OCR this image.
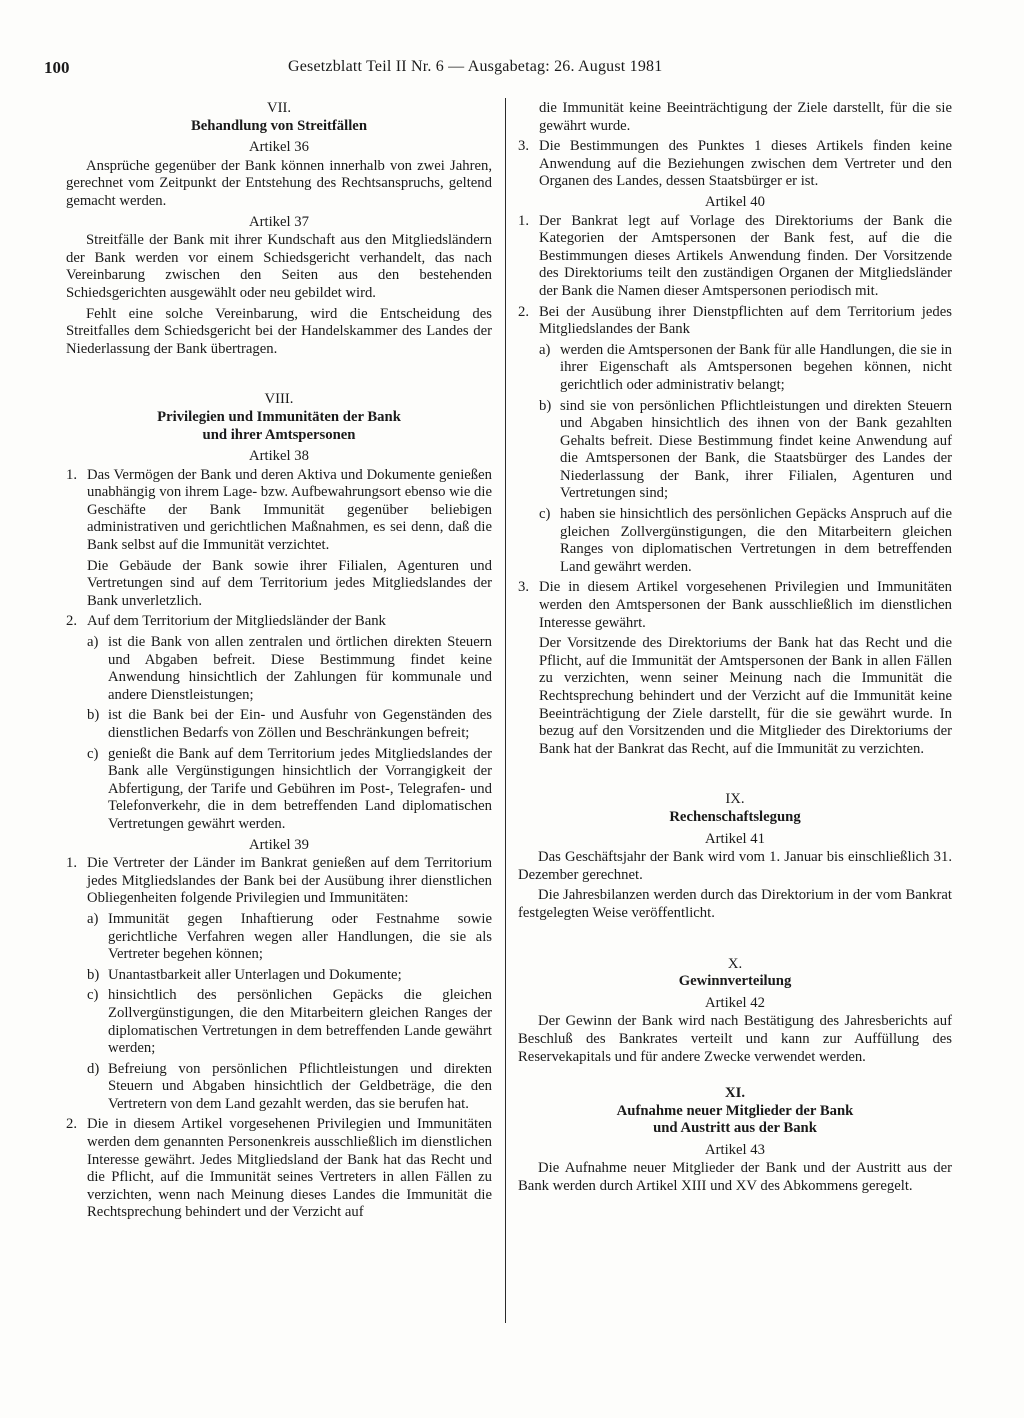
100	Gesetzblatt Teil II Nr. 6 — Ausgabetag: 26. August 1981
VII.
Behandlung von Streitfällen
Artikel 36

Ansprüche gegenüber der Bank können innerhalb von zwei Jahren, gerechnet vom Zeitpunkt der Entstehung des Rechtsanspruchs, geltend gemacht werden.

Artikel 37

Streitfälle der Bank mit ihrer Kundschaft aus den Mitgliedsländern der Bank werden vor einem Schiedsgericht verhandelt, das nach Vereinbarung zwischen den Seiten aus den bestehenden Schiedsgerichten ausgewählt oder neu gebildet wird.

Fehlt eine solche Vereinbarung, wird die Entscheidung des Streitfalles dem Schiedsgericht bei der Handelskammer des Landes der Niederlassung der Bank übertragen.

VIII.
Privilegien und Immunitäten der Bank
und ihrer Amtspersonen
Artikel 38
1. Das Vermögen der Bank und deren Aktiva und Dokumente genießen unabhängig von ihrem Lage- bzw. Aufbewahrungsort ebenso wie die Geschäfte der Bank Immunität gegenüber beliebigen administrativen und gerichtlichen Maßnahmen, es sei denn, daß die Bank selbst auf die Immunität verzichtet.

Die Gebäude der Bank sowie ihrer Filialen, Agenturen und Vertretungen sind auf dem Territorium jedes Mitgliedslandes der Bank unverletzlich.

2. Auf dem Territorium der Mitgliedsländer der Bank
a) ist die Bank von allen zentralen und örtlichen direkten Steuern und Abgaben befreit. Diese Bestimmung findet keine Anwendung hinsichtlich der Zahlungen für kommunale und andere Dienstleistungen;
b) ist die Bank bei der Ein- und Ausfuhr von Gegenständen des dienstlichen Bedarfs von Zöllen und Beschränkungen befreit;
c) genießt die Bank auf dem Territorium jedes Mitgliedslandes der Bank alle Vergünstigungen hinsichtlich der Vorrangigkeit der Abfertigung, der Tarife und Gebühren im Post-, Telegrafen- und Telefonverkehr, die in dem betreffenden Land diplomatischen Vertretungen gewährt werden.
Artikel 39
1. Die Vertreter der Länder im Bankrat genießen auf dem Territorium jedes Mitgliedslandes der Bank bei der Ausübung ihrer dienstlichen Obliegenheiten folgende Privilegien und Immunitäten:
a) Immunität gegen Inhaftierung oder Festnahme sowie gerichtliche Verfahren wegen aller Handlungen, die sie als Vertreter begehen können;
b) Unantastbarkeit aller Unterlagen und Dokumente;
c) hinsichtlich des persönlichen Gepäcks die gleichen Zollvergünstigungen, die den Mitarbeitern gleichen Ranges der diplomatischen Vertretungen in dem betreffenden Lande gewährt werden;
d) Befreiung von persönlichen Pflichtleistungen und direkten Steuern und Abgaben hinsichtlich der Geldbeträge, die den Vertretern von dem Land gezahlt werden, das sie berufen hat.
2. Die in diesem Artikel vorgesehenen Privilegien und Immunitäten werden dem genannten Personenkreis ausschließlich im dienstlichen Interesse gewährt. Jedes Mitgliedsland der Bank hat das Recht und die Pflicht, auf die Immunität seines Vertreters in allen Fällen zu verzichten, wenn nach Meinung dieses Landes die Immunität die Rechtsprechung behindert und der Verzicht auf

die Immunität keine Beeinträchtigung der Ziele darstellt, für die sie gewährt wurde.

3. Die Bestimmungen des Punktes 1 dieses Artikels finden keine Anwendung auf die Beziehungen zwischen dem Vertreter und den Organen des Landes, dessen Staatsbürger er ist.
Artikel 40
1. Der Bankrat legt auf Vorlage des Direktoriums der Bank die Kategorien der Amtspersonen der Bank fest, auf die die Bestimmungen dieses Artikels Anwendung finden. Der Vorsitzende des Direktoriums teilt den zuständigen Organen der Mitgliedsländer der Bank die Namen dieser Amtspersonen periodisch mit.
2. Bei der Ausübung ihrer Dienstpflichten auf dem Territorium jedes Mitgliedslandes der Bank
a) werden die Amtspersonen der Bank für alle Handlungen, die sie in ihrer Eigenschaft als Amtspersonen begehen können, nicht gerichtlich oder administrativ belangt;
b) sind sie von persönlichen Pflichtleistungen und direkten Steuern und Abgaben hinsichtlich des ihnen von der Bank gezahlten Gehalts befreit. Diese Bestimmung findet keine Anwendung auf die Amtspersonen der Bank, die Staatsbürger des Landes der Niederlassung der Bank, ihrer Filialen, Agenturen und Vertretungen sind;
c) haben sie hinsichtlich des persönlichen Gepäcks Anspruch auf die gleichen Zollvergünstigungen, die den Mitarbeitern gleichen Ranges von diplomatischen Vertretungen in dem betreffenden Land gewährt werden.
3. Die in diesem Artikel vorgesehenen Privilegien und Immunitäten werden den Amtspersonen der Bank ausschließlich im dienstlichen Interesse gewährt.

Der Vorsitzende des Direktoriums der Bank hat das Recht und die Pflicht, auf die Immunität der Amtspersonen der Bank in allen Fällen zu verzichten, wenn seiner Meinung nach die Immunität die Rechtsprechung behindert und der Verzicht auf die Immunität keine Beeinträchtigung der Ziele darstellt, für die sie gewährt wurde. In bezug auf den Vorsitzenden und die Mitglieder des Direktoriums der Bank hat der Bankrat das Recht, auf die Immunität zu verzichten.

IX.
Rechenschaftslegung
Artikel 41

Das Geschäftsjahr der Bank wird vom 1. Januar bis einschließlich 31. Dezember gerechnet.

Die Jahresbilanzen werden durch das Direktorium in der vom Bankrat festgelegten Weise veröffentlicht.

X.
Gewinnverteilung
Artikel 42

Der Gewinn der Bank wird nach Bestätigung des Jahresberichts auf Beschluß des Bankrates verteilt und kann zur Auffüllung des Reservekapitals und für andere Zwecke verwendet werden.

XI.
Aufnahme neuer Mitglieder der Bank
und Austritt aus der Bank
Artikel 43

Die Aufnahme neuer Mitglieder der Bank und der Austritt aus der Bank werden durch Artikel XIII und XV des Abkommens geregelt.
